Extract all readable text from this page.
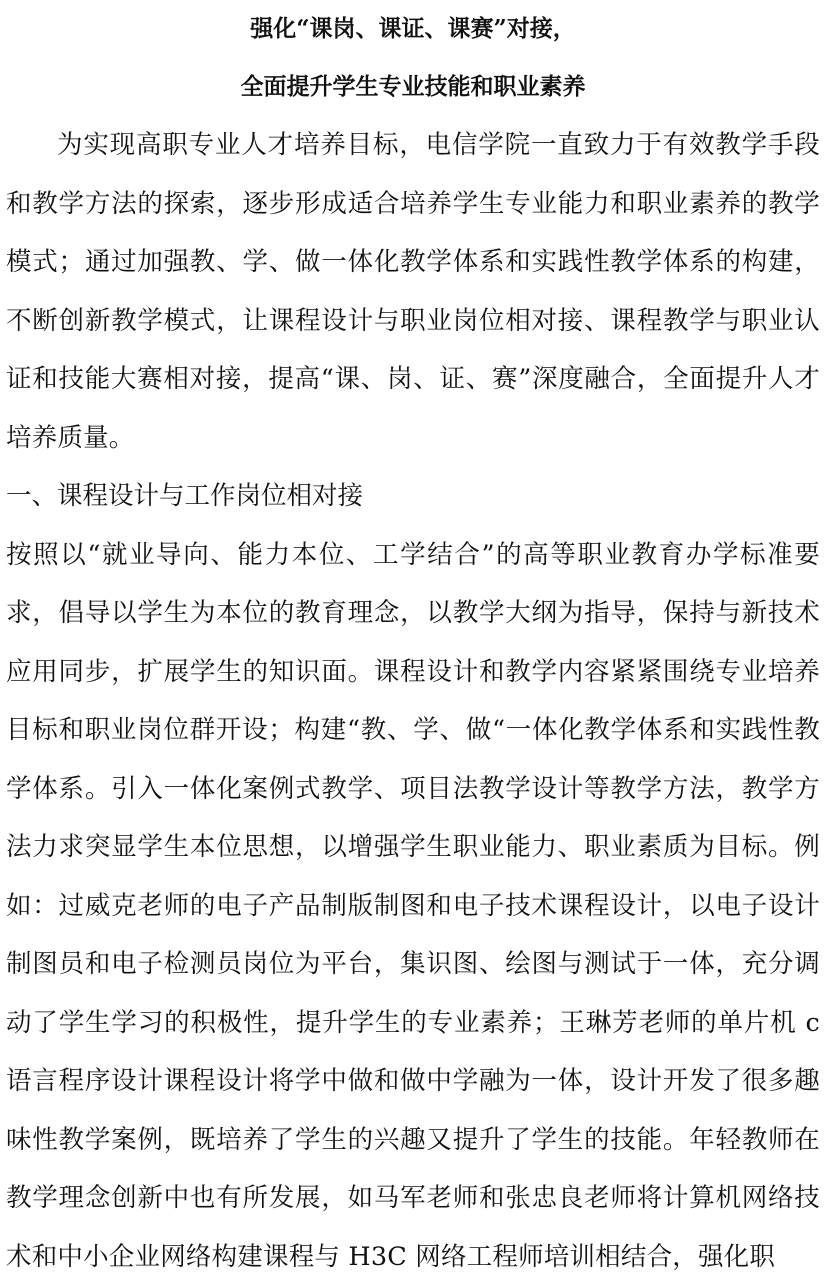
强化“课岗、课证、课赛”对接，
全面提升学生专业技能和职业素养

为实现高职专业人才培养目标，电信学院一直致力于有效教学手段和教学方法的探索，逐步形成适合培养学生专业能力和职业素养的教学模式；通过加强教、学、做一体化教学体系和实践性教学体系的构建，不断创新教学模式，让课程设计与职业岗位相对接、课程教学与职业认证和技能大赛相对接，提高“课、岗、证、赛”深度融合，全面提升人才培养质量。

一、课程设计与工作岗位相对接

按照以“就业导向、能力本位、工学结合”的高等职业教育办学标准要求，倡导以学生为本位的教育理念，以教学大纲为指导，保持与新技术应用同步，扩展学生的知识面。课程设计和教学内容紧紧围绕专业培养目标和职业岗位群开设；构建“教、学、做“一体化教学体系和实践性教学体系。引入一体化案例式教学、项目法教学设计等教学方法，教学方法力求突显学生本位思想，以增强学生职业能力、职业素质为目标。例如：过威克老师的电子产品制版制图和电子技术课程设计，以电子设计制图员和电子检测员岗位为平台，集识图、绘图与测试于一体，充分调动了学生学习的积极性，提升学生的专业素养；王琳芳老师的单片机 c 语言程序设计课程设计将学中做和做中学融为一体，设计开发了很多趣味性教学案例，既培养了学生的兴趣又提升了学生的技能。年轻教师在教学理念创新中也有所发展，如马军老师和张忠良老师将计算机网络技术和中小企业网络构建课程与 H3C 网络工程师培训相结合，强化职
